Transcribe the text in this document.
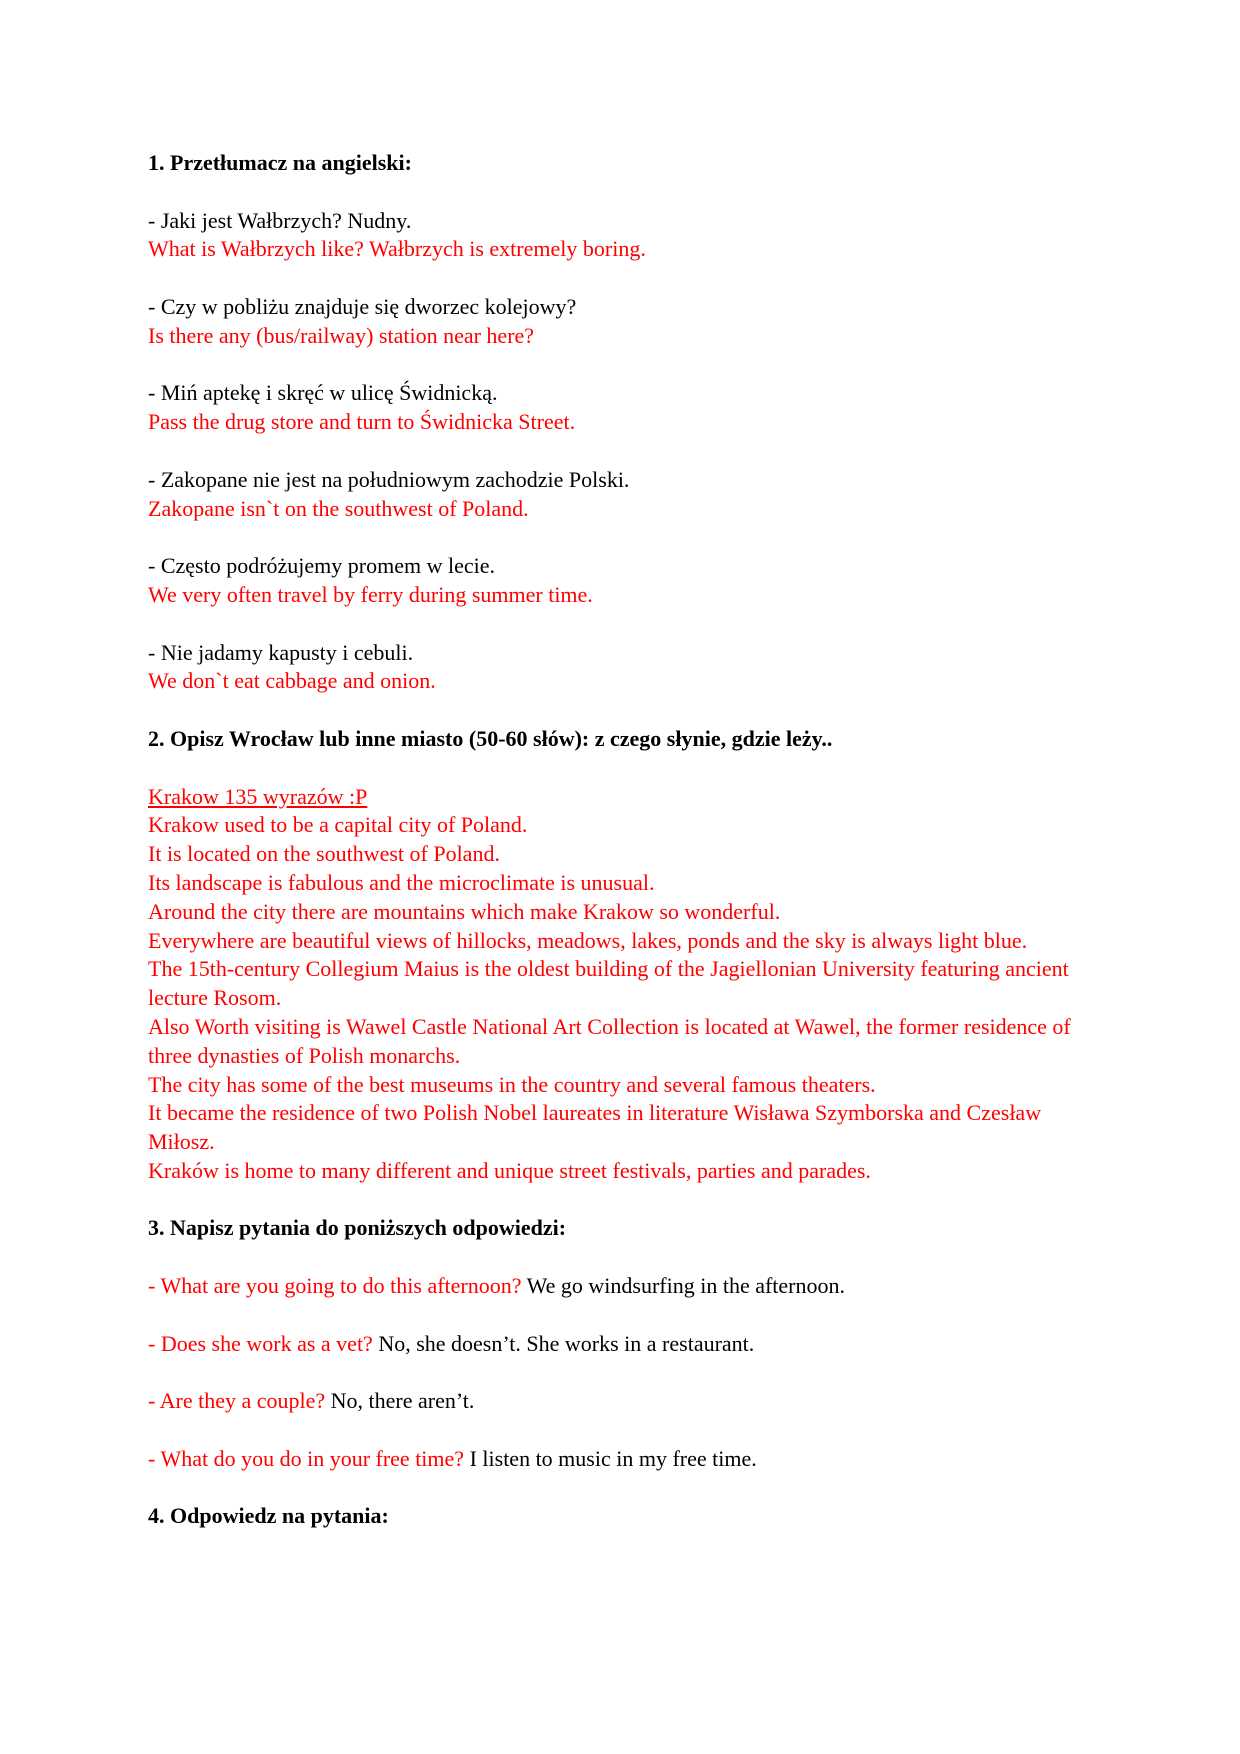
1. Przetłumacz na angielski:

- Jaki jest Wałbrzych? Nudny.

What is Wałbrzych like? Wałbrzych is extremely boring.

- Czy w pobliżu znajduje się dworzec kolejowy?

Is there any (bus/railway) station near here?

- Miń aptekę i skręć w ulicę Świdnicką.

Pass the drug store and turn to Świdnicka Street.

- Zakopane nie jest na południowym zachodzie Polski.

Zakopane isn`t on the southwest of Poland.

- Często podróżujemy promem w lecie.

We very often travel by ferry during summer time.

- Nie jadamy kapusty i cebuli.

We don`t eat cabbage and onion.

2. Opisz Wrocław lub inne miasto (50-60 słów): z czego słynie, gdzie leży..

Krakow 135 wyrazów :P

Krakow used to be a capital city of Poland.

It is located on the southwest of Poland.

Its landscape is fabulous and the microclimate is unusual.

Around the city there are mountains which make Krakow so wonderful.

Everywhere are beautiful views of hillocks, meadows, lakes, ponds and the sky is always light blue.

The 15th-century Collegium Maius is the oldest building of the Jagiellonian University featuring ancient lecture Rosom.

Also Worth visiting is Wawel Castle National Art Collection is located at Wawel, the former residence of three dynasties of Polish monarchs.

The city has some of the best museums in the country and several famous theaters.

It became the residence of two Polish Nobel laureates in literature Wisława Szymborska and Czesław Miłosz.

Kraków is home to many different and unique street festivals, parties and parades.

3. Napisz pytania do poniższych odpowiedzi:

- What are you going to do this afternoon? We go windsurfing in the afternoon.

- Does she work as a vet? No, she doesn’t. She works in a restaurant.

- Are they a couple? No, there aren’t.

- What do you do in your free time? I listen to music in my free time.

4. Odpowiedz na pytania:
